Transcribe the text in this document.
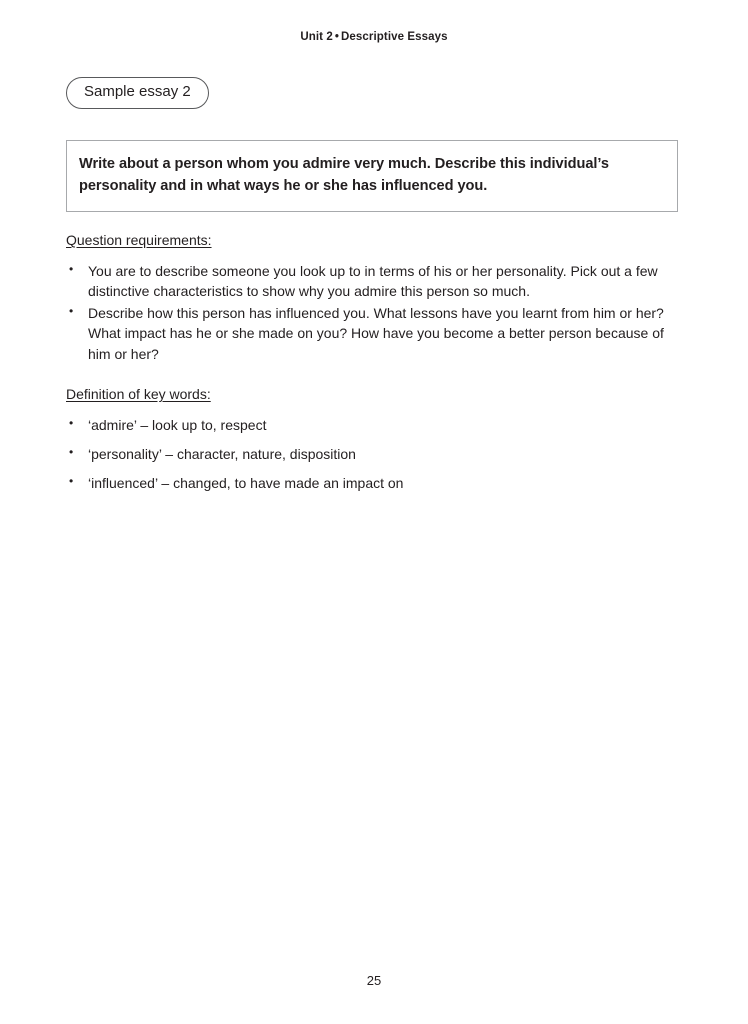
Unit 2 • Descriptive Essays
Sample essay 2
Write about a person whom you admire very much. Describe this individual’s personality and in what ways he or she has influenced you.
Question requirements:
• You are to describe someone you look up to in terms of his or her personality. Pick out a few distinctive characteristics to show why you admire this person so much.
• Describe how this person has influenced you. What lessons have you learnt from him or her? What impact has he or she made on you? How have you become a better person because of him or her?
Definition of key words:
• ‘admire’ – look up to, respect
• ‘personality’ – character, nature, disposition
• ‘influenced’ – changed, to have made an impact on
25
